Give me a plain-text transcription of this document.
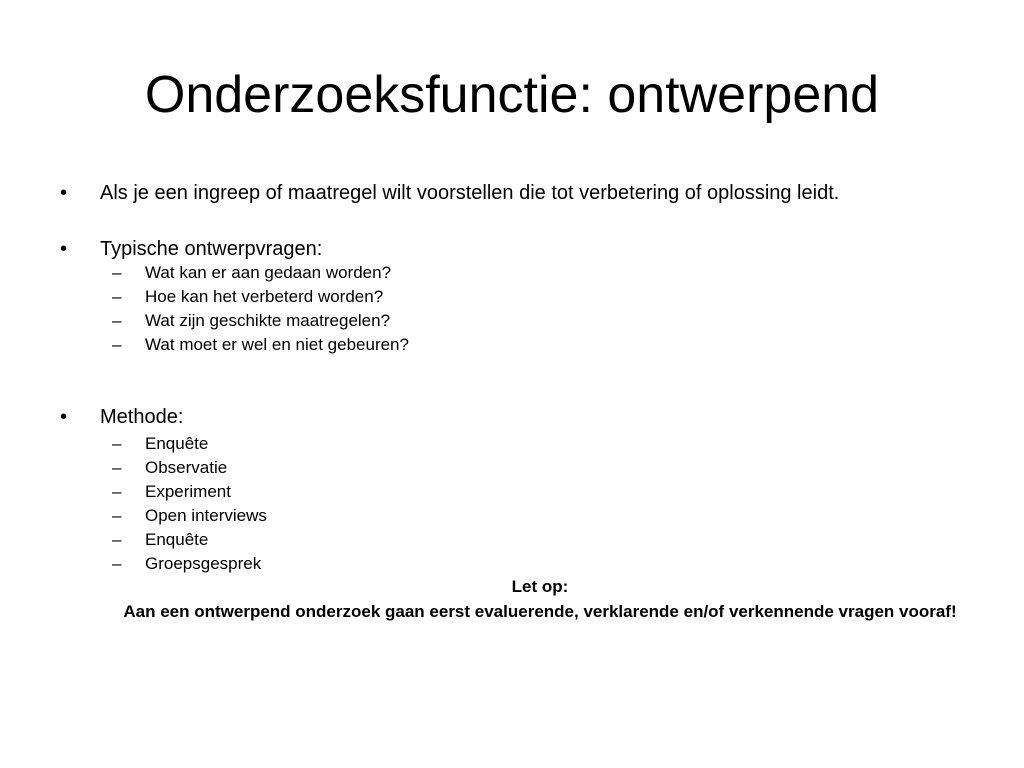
Onderzoeksfunctie: ontwerpend
• Als je een ingreep of maatregel wilt voorstellen die tot verbetering of oplossing leidt.
• Typische ontwerpvragen:
– Wat kan er aan gedaan worden?
– Hoe kan het verbeterd worden?
– Wat zijn geschikte maatregelen?
– Wat moet er wel en niet gebeuren?
• Methode:
– Enquête
– Observatie
– Experiment
– Open interviews
– Enquête
– Groepsgesprek
Let op:
Aan een ontwerpend onderzoek gaan eerst evaluerende, verklarende en/of verkennende vragen vooraf!
